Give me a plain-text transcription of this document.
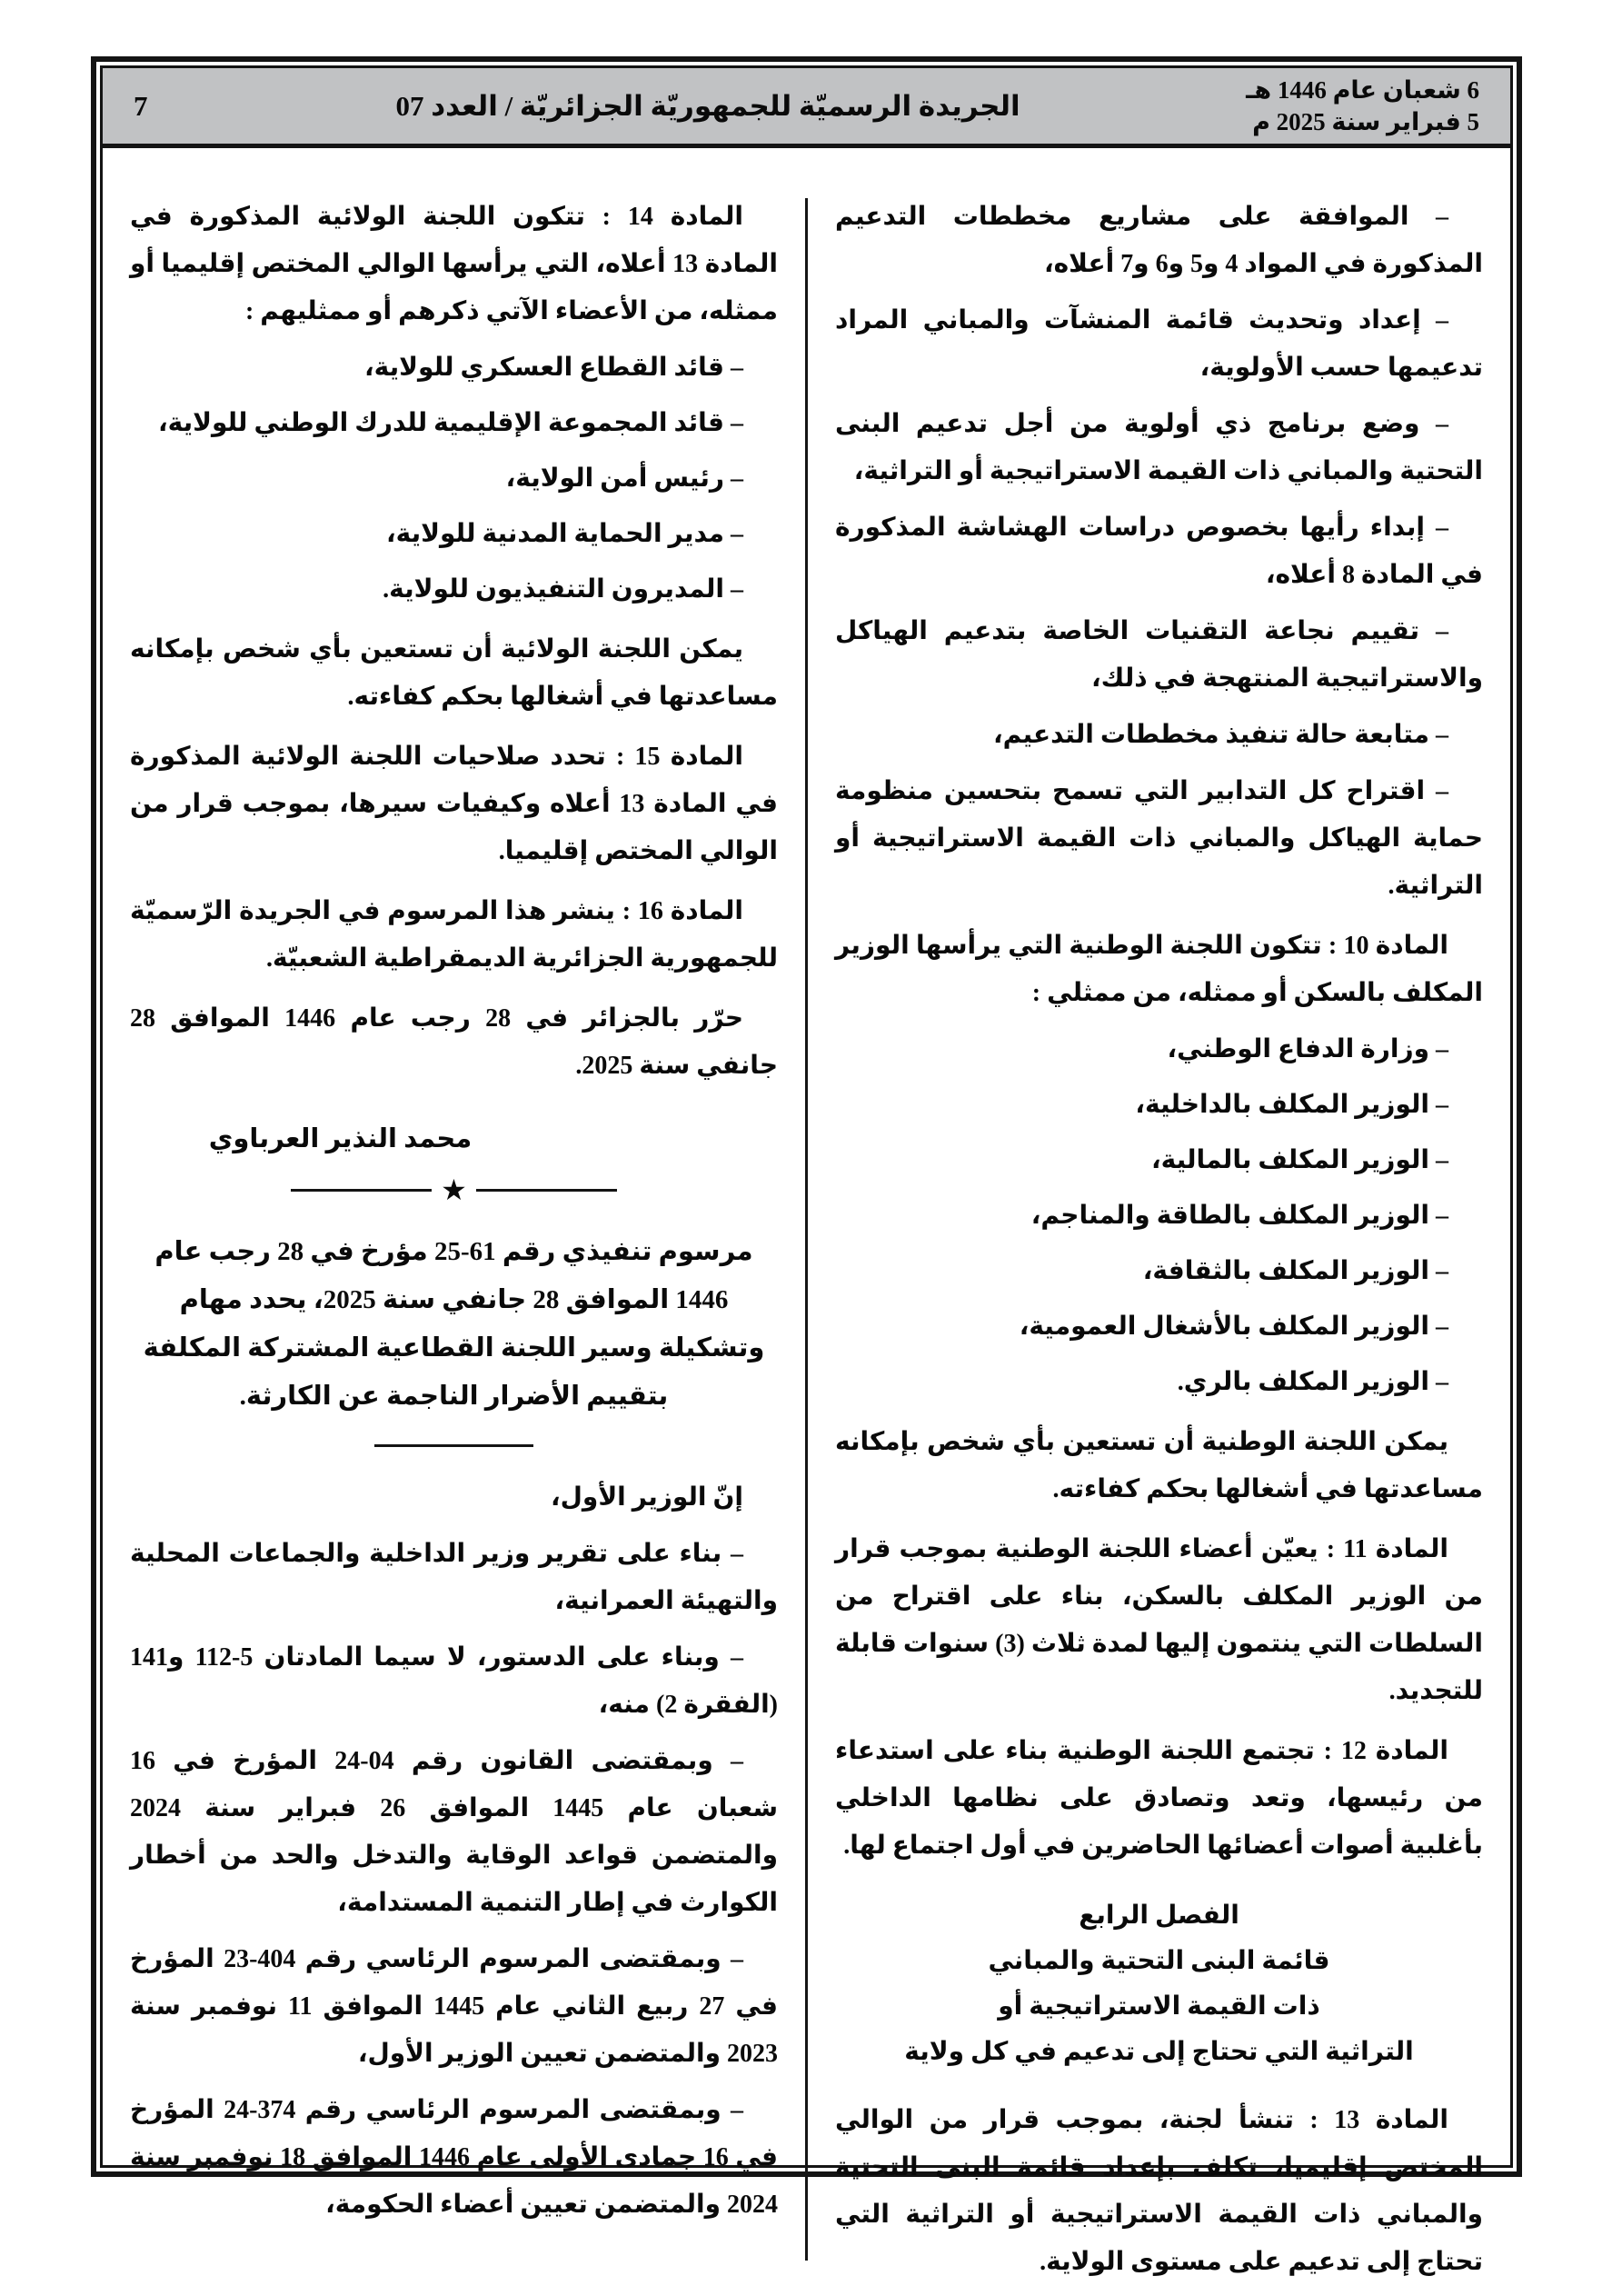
6 شعبان عام 1446 هـ
5 فبراير سنة 2025 م
الجريدة الرسميّة للجمهوريّة الجزائريّة / العدد 07
7

– الموافقة على مشاريع مخططات التدعيم المذكورة في المواد 4 و5 و6 و7 أعلاه،

– إعداد وتحديث قائمة المنشآت والمباني المراد تدعيمها حسب الأولوية،

– وضع برنامج ذي أولوية من أجل تدعيم البنى التحتية والمباني ذات القيمة الاستراتيجية أو التراثية،

– إبداء رأيها بخصوص دراسات الهشاشة المذكورة في المادة 8 أعلاه،

– تقييم نجاعة التقنيات الخاصة بتدعيم الهياكل والاستراتيجية المنتهجة في ذلك،

– متابعة حالة تنفيذ مخططات التدعيم،

– اقتراح كل التدابير التي تسمح بتحسين منظومة حماية الهياكل والمباني ذات القيمة الاستراتيجية أو التراثية.

المادة 10 : تتكون اللجنة الوطنية التي يرأسها الوزير المكلف بالسكن أو ممثله، من ممثلي :

– وزارة الدفاع الوطني،

– الوزير المكلف بالداخلية،

– الوزير المكلف بالمالية،

– الوزير المكلف بالطاقة والمناجم،

– الوزير المكلف بالثقافة،

– الوزير المكلف بالأشغال العمومية،

– الوزير المكلف بالري.

يمكن اللجنة الوطنية أن تستعين بأي شخص بإمكانه مساعدتها في أشغالها بحكم كفاءته.

المادة 11 : يعيّن أعضاء اللجنة الوطنية بموجب قرار من الوزير المكلف بالسكن، بناء على اقتراح من السلطات التي ينتمون إليها لمدة ثلاث (3) سنوات قابلة للتجديد.

المادة 12 : تجتمع اللجنة الوطنية بناء على استدعاء من رئيسها، وتعد وتصادق على نظامها الداخلي بأغلبية أصوات أعضائها الحاضرين في أول اجتماع لها.

الفصل الرابع
قائمة البنى التحتية والمباني
ذات القيمة الاستراتيجية أو
التراثية التي تحتاج إلى تدعيم في كل ولاية

المادة 13 : تنشأ لجنة، بموجب قرار من الوالي المختص إقليميا، تكلف بإعداد قائمة البنى التحتية والمباني ذات القيمة الاستراتيجية أو التراثية التي تحتاج إلى تدعيم على مستوى الولاية.

المادة 14 : تتكون اللجنة الولائية المذكورة في المادة 13 أعلاه، التي يرأسها الوالي المختص إقليميا أو ممثله، من الأعضاء الآتي ذكرهم أو ممثليهم :

– قائد القطاع العسكري للولاية،

– قائد المجموعة الإقليمية للدرك الوطني للولاية،

– رئيس أمن الولاية،

– مدير الحماية المدنية للولاية،

– المديرون التنفيذيون للولاية.

يمكن اللجنة الولائية أن تستعين بأي شخص بإمكانه مساعدتها في أشغالها بحكم كفاءته.

المادة 15 : تحدد صلاحيات اللجنة الولائية المذكورة في المادة 13 أعلاه وكيفيات سيرها، بموجب قرار من الوالي المختص إقليميا.

المادة 16 : ينشر هذا المرسوم في الجريدة الرّسميّة للجمهورية الجزائرية الديمقراطية الشعبيّة.

حرّر بالجزائر في 28 رجب عام 1446 الموافق 28 جانفي سنة 2025.

محمد النذير العرباوي
★
مرسوم تنفيذي رقم 61-25 مؤرخ في 28 رجب عام 1446 الموافق 28 جانفي سنة 2025، يحدد مهام وتشكيلة وسير اللجنة القطاعية المشتركة المكلفة بتقييم الأضرار الناجمة عن الكارثة.

إنّ الوزير الأول،

– بناء على تقرير وزير الداخلية والجماعات المحلية والتهيئة العمرانية،

– وبناء على الدستور، لا سيما المادتان 5-112 و141 (الفقرة 2) منه،

– وبمقتضى القانون رقم 04-24 المؤرخ في 16 شعبان عام 1445 الموافق 26 فبراير سنة 2024 والمتضمن قواعد الوقاية والتدخل والحد من أخطار الكوارث في إطار التنمية المستدامة،

– وبمقتضى المرسوم الرئاسي رقم 404-23 المؤرخ في 27 ربيع الثاني عام 1445 الموافق 11 نوفمبر سنة 2023 والمتضمن تعيين الوزير الأول،

– وبمقتضى المرسوم الرئاسي رقم 374-24 المؤرخ في 16 جمادى الأولى عام 1446 الموافق 18 نوفمبر سنة 2024 والمتضمن تعيين أعضاء الحكومة،
